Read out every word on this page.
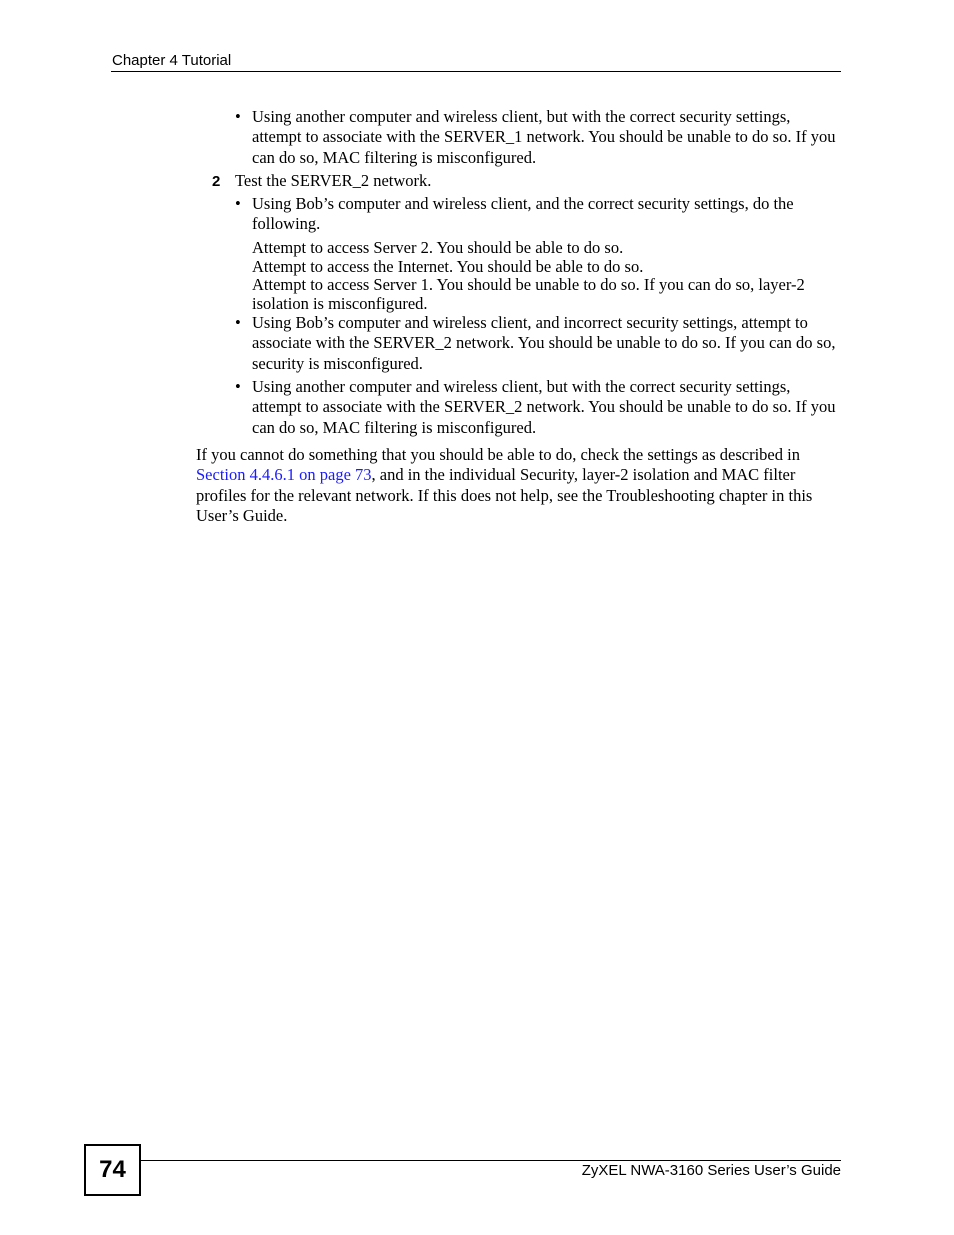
Chapter 4 Tutorial
• Using another computer and wireless client, but with the correct security settings, attempt to associate with the SERVER_1 network. You should be unable to do so. If you can do so, MAC filtering is misconfigured.
2 Test the SERVER_2 network.
• Using Bob’s computer and wireless client, and the correct security settings, do the following.
Attempt to access Server 2. You should be able to do so.
Attempt to access the Internet. You should be able to do so.
Attempt to access Server 1. You should be unable to do so. If you can do so, layer-2 isolation is misconfigured.
• Using Bob’s computer and wireless client, and incorrect security settings, attempt to associate with the SERVER_2 network. You should be unable to do so. If you can do so, security is misconfigured.
• Using another computer and wireless client, but with the correct security settings, attempt to associate with the SERVER_2 network. You should be unable to do so. If you can do so, MAC filtering is misconfigured.
If you cannot do something that you should be able to do, check the settings as described in Section 4.4.6.1 on page 73, and in the individual Security, layer-2 isolation and MAC filter profiles for the relevant network. If this does not help, see the Troubleshooting chapter in this User’s Guide.
74	ZyXEL NWA-3160 Series User’s Guide
